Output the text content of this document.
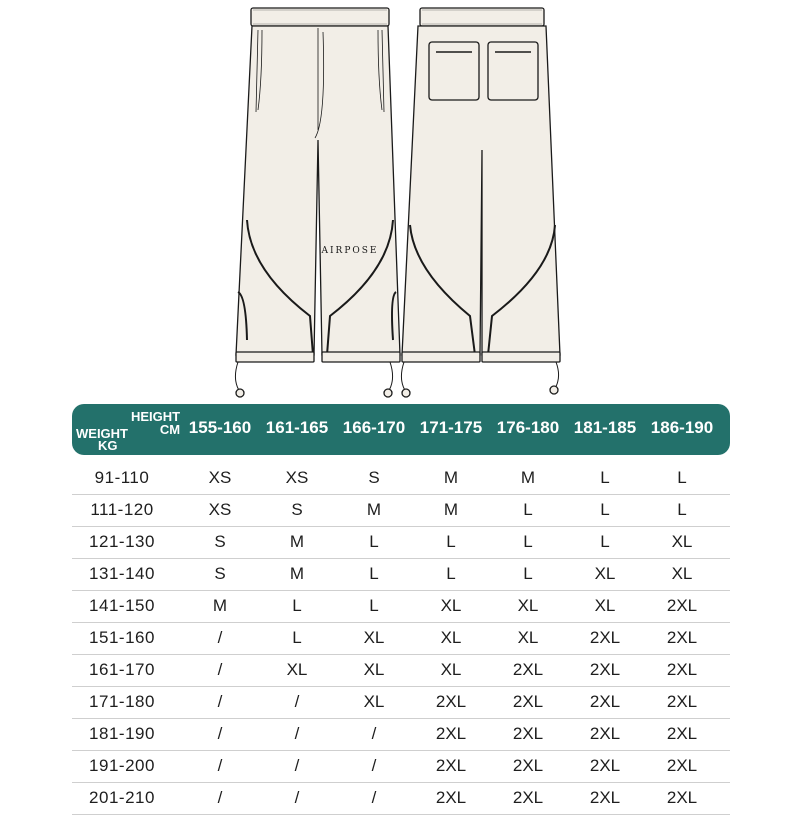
AIRPOSE
HEIGHT
CM
WEIGHT
KG
155-160 161-165 166-170 171-175 176-180 181-185 186-190
91-110	XS	XS	S	M	M	L	L
111-120	XS	S	M	M	L	L	L
121-130	S	M	L	L	L	L	XL
131-140	S	M	L	L	L	XL	XL
141-150	M	L	L	XL	XL	XL	2XL
151-160	/	L	XL	XL	XL	2XL	2XL
161-170	/	XL	XL	XL	2XL	2XL	2XL
171-180	/	/	XL	2XL	2XL	2XL	2XL
181-190	/	/	/	2XL	2XL	2XL	2XL
191-200	/	/	/	2XL	2XL	2XL	2XL
201-210	/	/	/	2XL	2XL	2XL	2XL
